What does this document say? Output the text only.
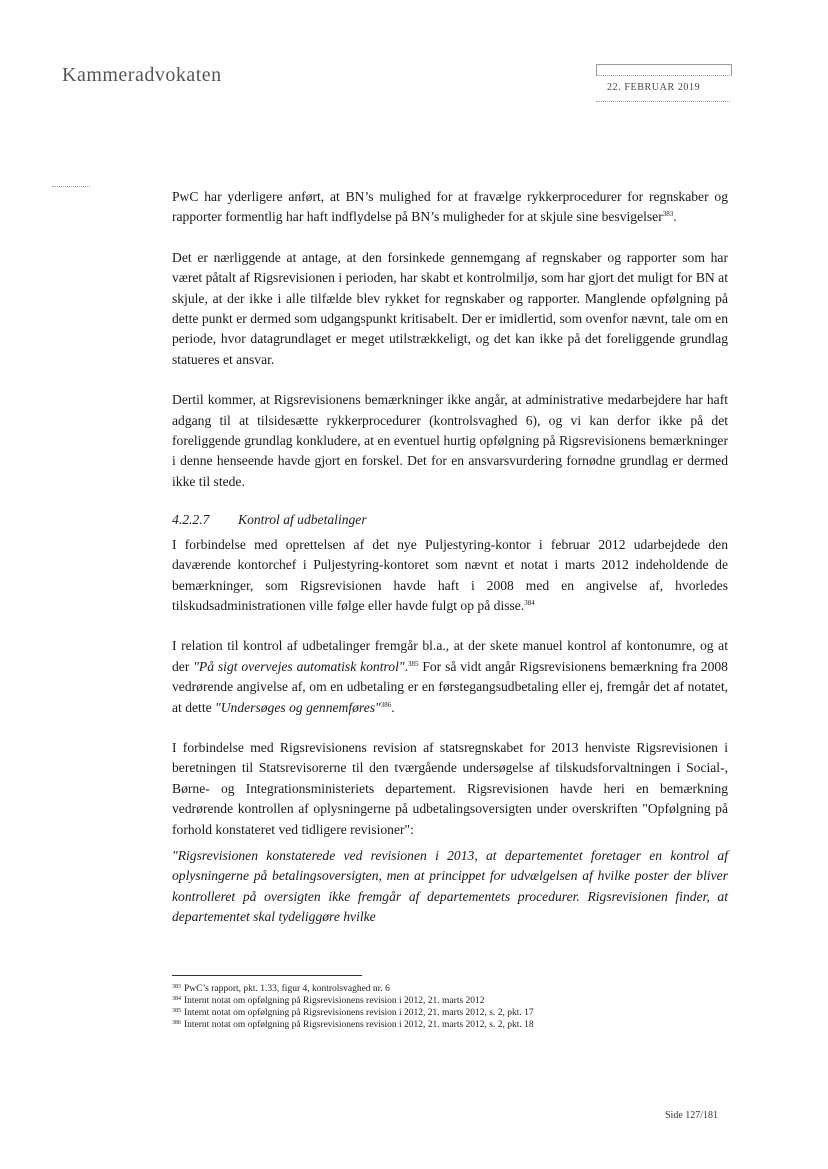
Kammeradvokaten
22. FEBRUAR 2019

PwC har yderligere anført, at BN’s mulighed for at fravælge rykkerprocedurer for regnskaber og rapporter formentlig har haft indflydelse på BN’s muligheder for at skjule sine besvigelser$^{383}$.

Det er nærliggende at antage, at den forsinkede gennemgang af regnskaber og rapporter som har været påtalt af Rigsrevisionen i perioden, har skabt et kontrolmiljø, som har gjort det muligt for BN at skjule, at der ikke i alle tilfælde blev rykket for regnskaber og rapporter. Manglende opfølgning på dette punkt er dermed som udgangspunkt kritisabelt. Der er imidlertid, som ovenfor nævnt, tale om en periode, hvor datagrundlaget er meget utilstrækkeligt, og det kan ikke på det foreliggende grundlag statueres et ansvar.

Dertil kommer, at Rigsrevisionens bemærkninger ikke angår, at administrative medarbejdere har haft adgang til at tilsidesætte rykkerprocedurer (kontrolsvaghed 6), og vi kan derfor ikke på det foreliggende grundlag konkludere, at en eventuel hurtig opfølgning på Rigsrevisionens bemærkninger i denne henseende havde gjort en forskel. Det for en ansvarsvurdering fornødne grundlag er dermed ikke til stede.

4.2.2.7 Kontrol af udbetalinger

I forbindelse med oprettelsen af det nye Puljestyring-kontor i februar 2012 udarbejdede den daværende kontorchef i Puljestyring-kontoret som nævnt et notat i marts 2012 indeholdende de bemærkninger, som Rigsrevisionen havde haft i 2008 med en angivelse af, hvorledes tilskudsadministrationen ville følge eller havde fulgt op på disse.$^{384}$

I relation til kontrol af udbetalinger fremgår bl.a., at der skete manuel kontrol af kontonumre, og at der "På sigt overvejes automatisk kontrol".$^{385}$ For så vidt angår Rigsrevisionens bemærkning fra 2008 vedrørende angivelse af, om en udbetaling er en førstegangsudbetaling eller ej, fremgår det af notatet, at dette "Undersøges og gennemføres"$^{386}$.

I forbindelse med Rigsrevisionens revision af statsregnskabet for 2013 henviste Rigsrevisionen i beretningen til Statsrevisorerne til den tværgående undersøgelse af tilskudsforvaltningen i Social-, Børne- og Integrationsministeriets departement. Rigsrevisionen havde heri en bemærkning vedrørende kontrollen af oplysningerne på udbetalingsoversigten under overskriften "Opfølgning på forhold konstateret ved tidligere revisioner":

"Rigsrevisionen konstaterede ved revisionen i 2013, at departementet foretager en kontrol af oplysningerne på betalingsoversigten, men at princippet for udvælgelsen af hvilke poster der bliver kontrolleret på oversigten ikke fremgår af departementets procedurer. Rigsrevisionen finder, at departementet skal tydeliggøre hvilke

$^{383}$ PwC’s rapport, pkt. 1.33, figur 4, kontrolsvaghed nr. 6
$^{384}$ Internt notat om opfølgning på Rigsrevisionens revision i 2012, 21. marts 2012
$^{385}$ Internt notat om opfølgning på Rigsrevisionens revision i 2012, 21. marts 2012, s. 2, pkt. 17
$^{386}$ Internt notat om opfølgning på Rigsrevisionens revision i 2012, 21. marts 2012, s. 2, pkt. 18
Side 127/181
